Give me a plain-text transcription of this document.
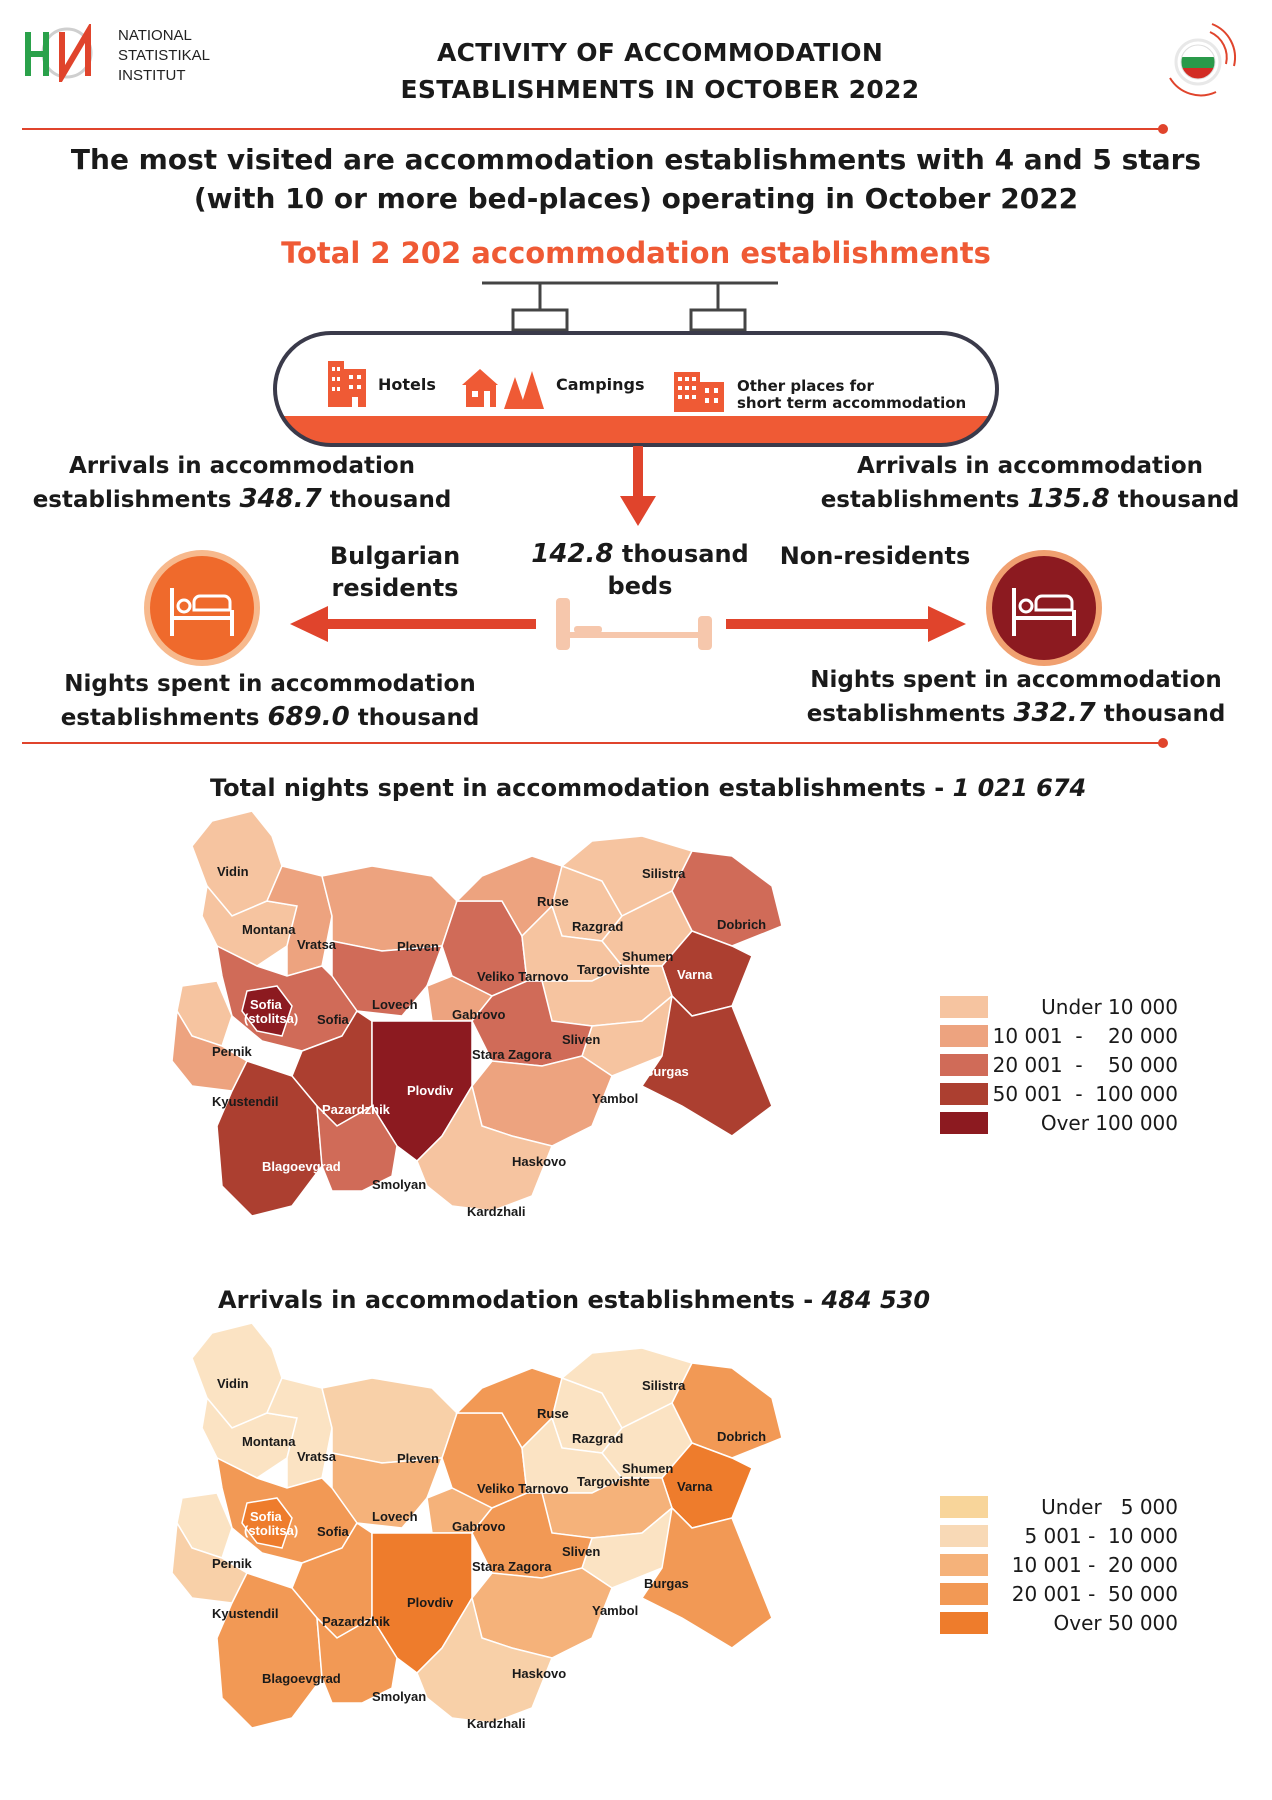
NATIONAL
STATISTIKAL
INSTITUT
ACTIVITY OF ACCOMMODATION
ESTABLISHMENTS IN OCTOBER 2022
The most visited are accommodation establishments with 4 and 5 stars
(with 10 or more bed-places) operating in October 2022
Total 2 202 accommodation establishments
Hotels	Campings	Other places for
short term accommodation
Arrivals in accommodation
establishments 348.7 thousand
Arrivals in accommodation
establishments 135.8 thousand
Bulgarian
residents
142.8 thousand
beds
Non-residents
Nights spent in accommodation
establishments 689.0 thousand
Nights spent in accommodation
establishments 332.7 thousand
Total nights spent in accommodation establishments - 1 021 674
Vidin
Montana
Vratsa	Pleven
Lovech
Veliko Tarnovo
Gabrovo
Ruse
Razgrad
Silistra
Dobrich
Shumen
Targovishte Varna
Sliven
Yambol
Burgas
Stara Zagora
Sofia
Pernik
Kyustendil
Pazardzhik
Plovdiv
Blagoevgrad
Smolyan
Haskovo
Kardzhali
Sofia
(stolitsa)	Under 10 000
10 001  -    20 000
20 001  -    50 000
50 001  -  100 000
Over 100 000
Arrivals in accommodation establishments - 484 530
Vidin
Montana
Vratsa	Pleven
Lovech
Veliko Tarnovo
Gabrovo
Ruse
Razgrad
Silistra
Dobrich
Shumen
Targovishte Varna
Sliven
Yambol
Burgas
Stara Zagora
Sofia
Pernik
Kyustendil
Pazardzhik
Plovdiv
Blagoevgrad
Smolyan
Haskovo
Kardzhali
Sofia
(stolitsa)
Under   5 000
5 001 -  10 000
10 001 -  20 000
20 001 -  50 000
Over 50 000
